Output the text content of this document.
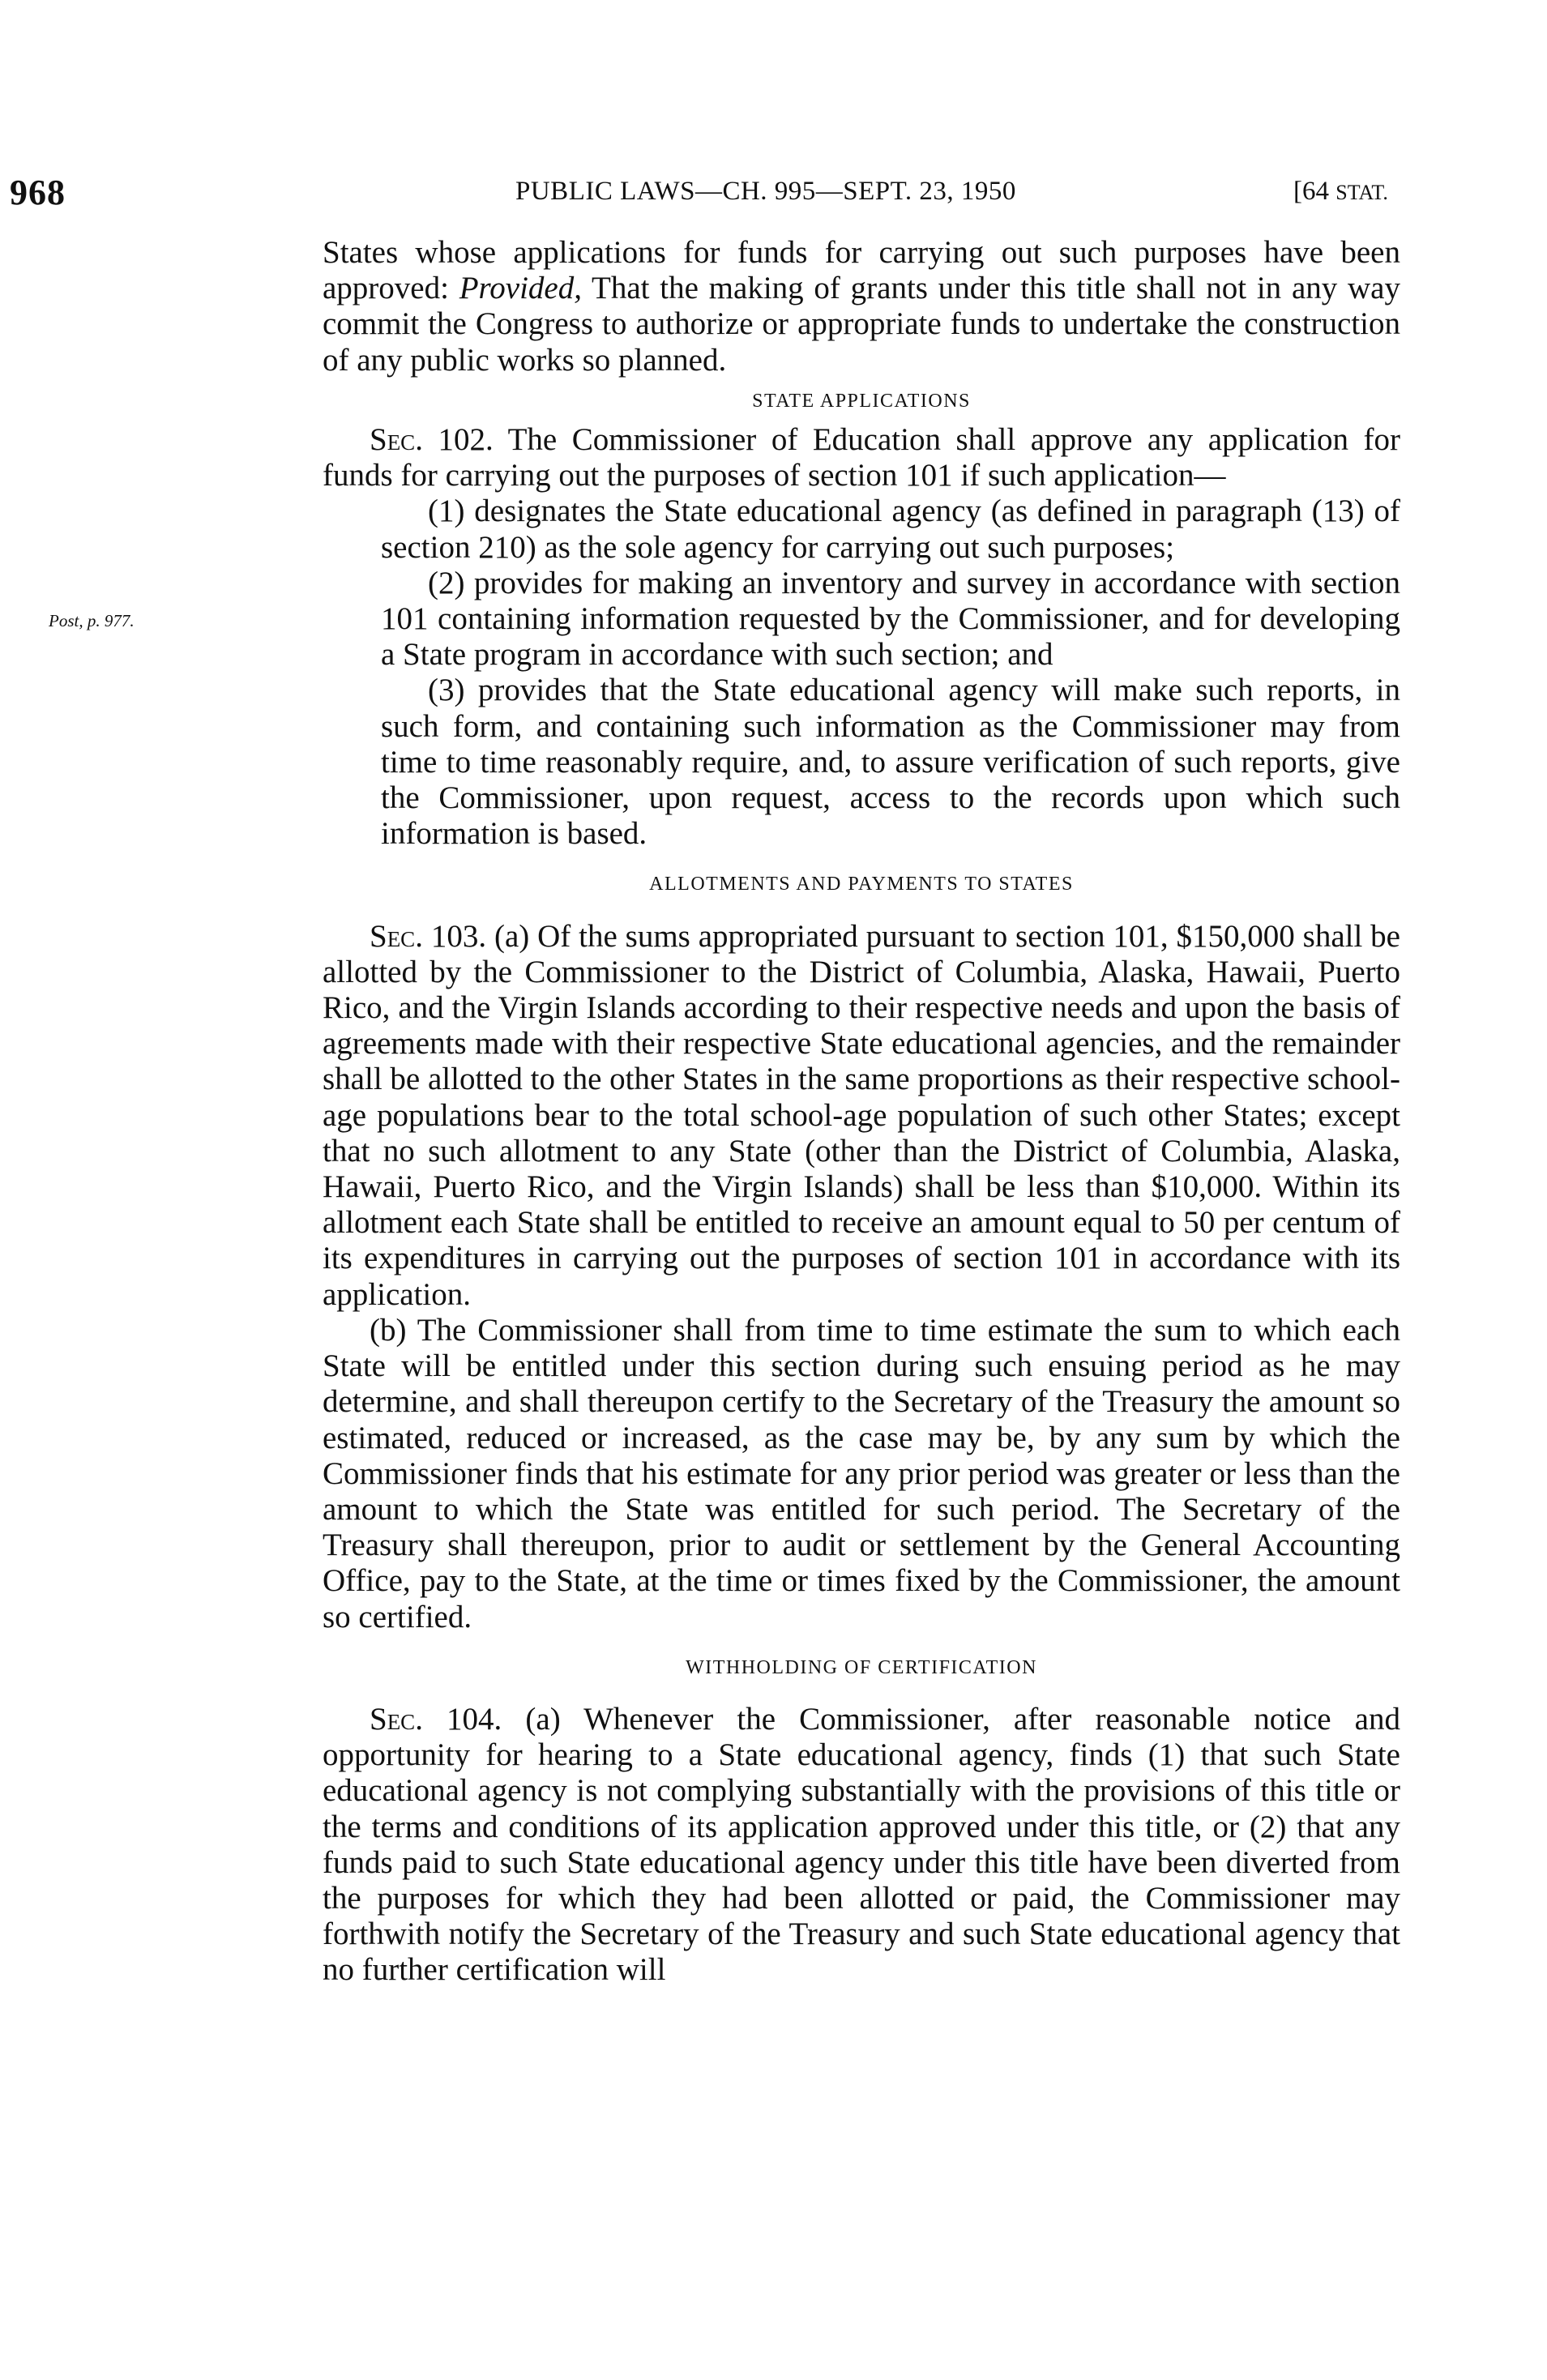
968	PUBLIC LAWS—CH. 995—SEPT. 23, 1950	[64 STAT.
Post, p. 977.

States whose applications for funds for carrying out such purposes have been approved: Provided, That the making of grants under this title shall not in any way commit the Congress to authorize or appropriate funds to undertake the construction of any public works so planned.

STATE APPLICATIONS

Sec. 102. The Commissioner of Education shall approve any application for funds for carrying out the purposes of section 101 if such application—

(1) designates the State educational agency (as defined in paragraph (13) of section 210) as the sole agency for carrying out such purposes;

(2) provides for making an inventory and survey in accordance with section 101 containing information requested by the Commissioner, and for developing a State program in accordance with such section; and

(3) provides that the State educational agency will make such reports, in such form, and containing such information as the Commissioner may from time to time reasonably require, and, to assure verification of such reports, give the Commissioner, upon request, access to the records upon which such information is based.

ALLOTMENTS AND PAYMENTS TO STATES

Sec. 103. (a) Of the sums appropriated pursuant to section 101, $150,000 shall be allotted by the Commissioner to the District of Columbia, Alaska, Hawaii, Puerto Rico, and the Virgin Islands according to their respective needs and upon the basis of agreements made with their respective State educational agencies, and the remainder shall be allotted to the other States in the same proportions as their respective school-age populations bear to the total school-age population of such other States; except that no such allotment to any State (other than the District of Columbia, Alaska, Hawaii, Puerto Rico, and the Virgin Islands) shall be less than $10,000. Within its allotment each State shall be entitled to receive an amount equal to 50 per centum of its expenditures in carrying out the purposes of section 101 in accordance with its application.

(b) The Commissioner shall from time to time estimate the sum to which each State will be entitled under this section during such ensuing period as he may determine, and shall thereupon certify to the Secretary of the Treasury the amount so estimated, reduced or increased, as the case may be, by any sum by which the Commissioner finds that his estimate for any prior period was greater or less than the amount to which the State was entitled for such period. The Secretary of the Treasury shall thereupon, prior to audit or settlement by the General Accounting Office, pay to the State, at the time or times fixed by the Commissioner, the amount so certified.

WITHHOLDING OF CERTIFICATION

Sec. 104. (a) Whenever the Commissioner, after reasonable notice and opportunity for hearing to a State educational agency, finds (1) that such State educational agency is not complying substantially with the provisions of this title or the terms and conditions of its application approved under this title, or (2) that any funds paid to such State educational agency under this title have been diverted from the purposes for which they had been allotted or paid, the Commissioner may forthwith notify the Secretary of the Treasury and such State educational agency that no further certification will
